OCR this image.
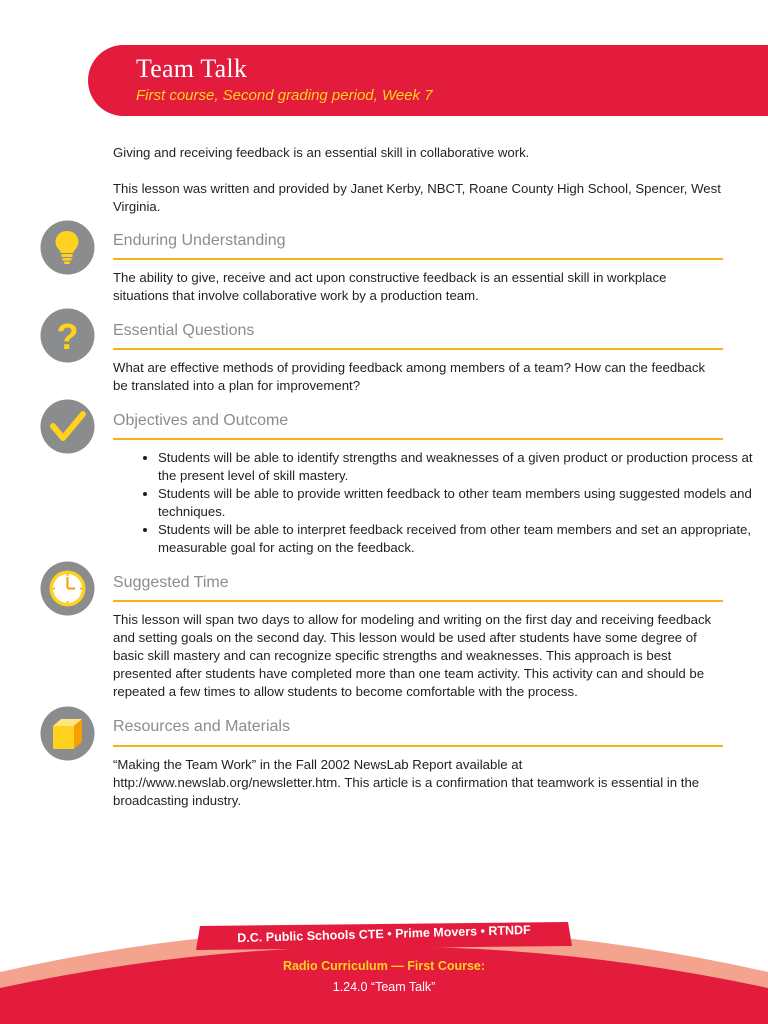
Team Talk
First course, Second grading period, Week 7

Giving and receiving feedback is an essential skill in collaborative work.

This lesson was written and provided by Janet Kerby, NBCT, Roane County High School, Spencer, West Virginia.

Enduring Understanding

The ability to give, receive and act upon constructive feedback is an essential skill in workplace situations that involve collaborative work by a production team.

? Essential Questions

What are effective methods of providing feedback among members of a team? How can the feedback be translated into a plan for improvement?

Objectives and Outcome
• Students will be able to identify strengths and weaknesses of a given product or production process at the present level of skill mastery.
• Students will be able to provide written feedback to other team members using suggested models and techniques.
• Students will be able to interpret feedback received from other team members and set an appropriate, measurable goal for acting on the feedback.
Suggested Time

This lesson will span two days to allow for modeling and writing on the first day and receiving feedback and setting goals on the second day. This lesson would be used after students have some degree of basic skill mastery and can recognize specific strengths and weaknesses. This approach is best presented after students have completed more than one team activity. This activity can and should be repeated a few times to allow students to become comfortable with the process.

Resources and Materials

“Making the Team Work” in the Fall 2002 NewsLab Report available at http://www.newslab.org/newsletter.htm. This article is a confirmation that teamwork is essential in the broadcasting industry.

D.C. Public Schools CTE • Prime Movers • RTNDF
Radio Curriculum — First Course:
1.24.0 “Team Talk”
